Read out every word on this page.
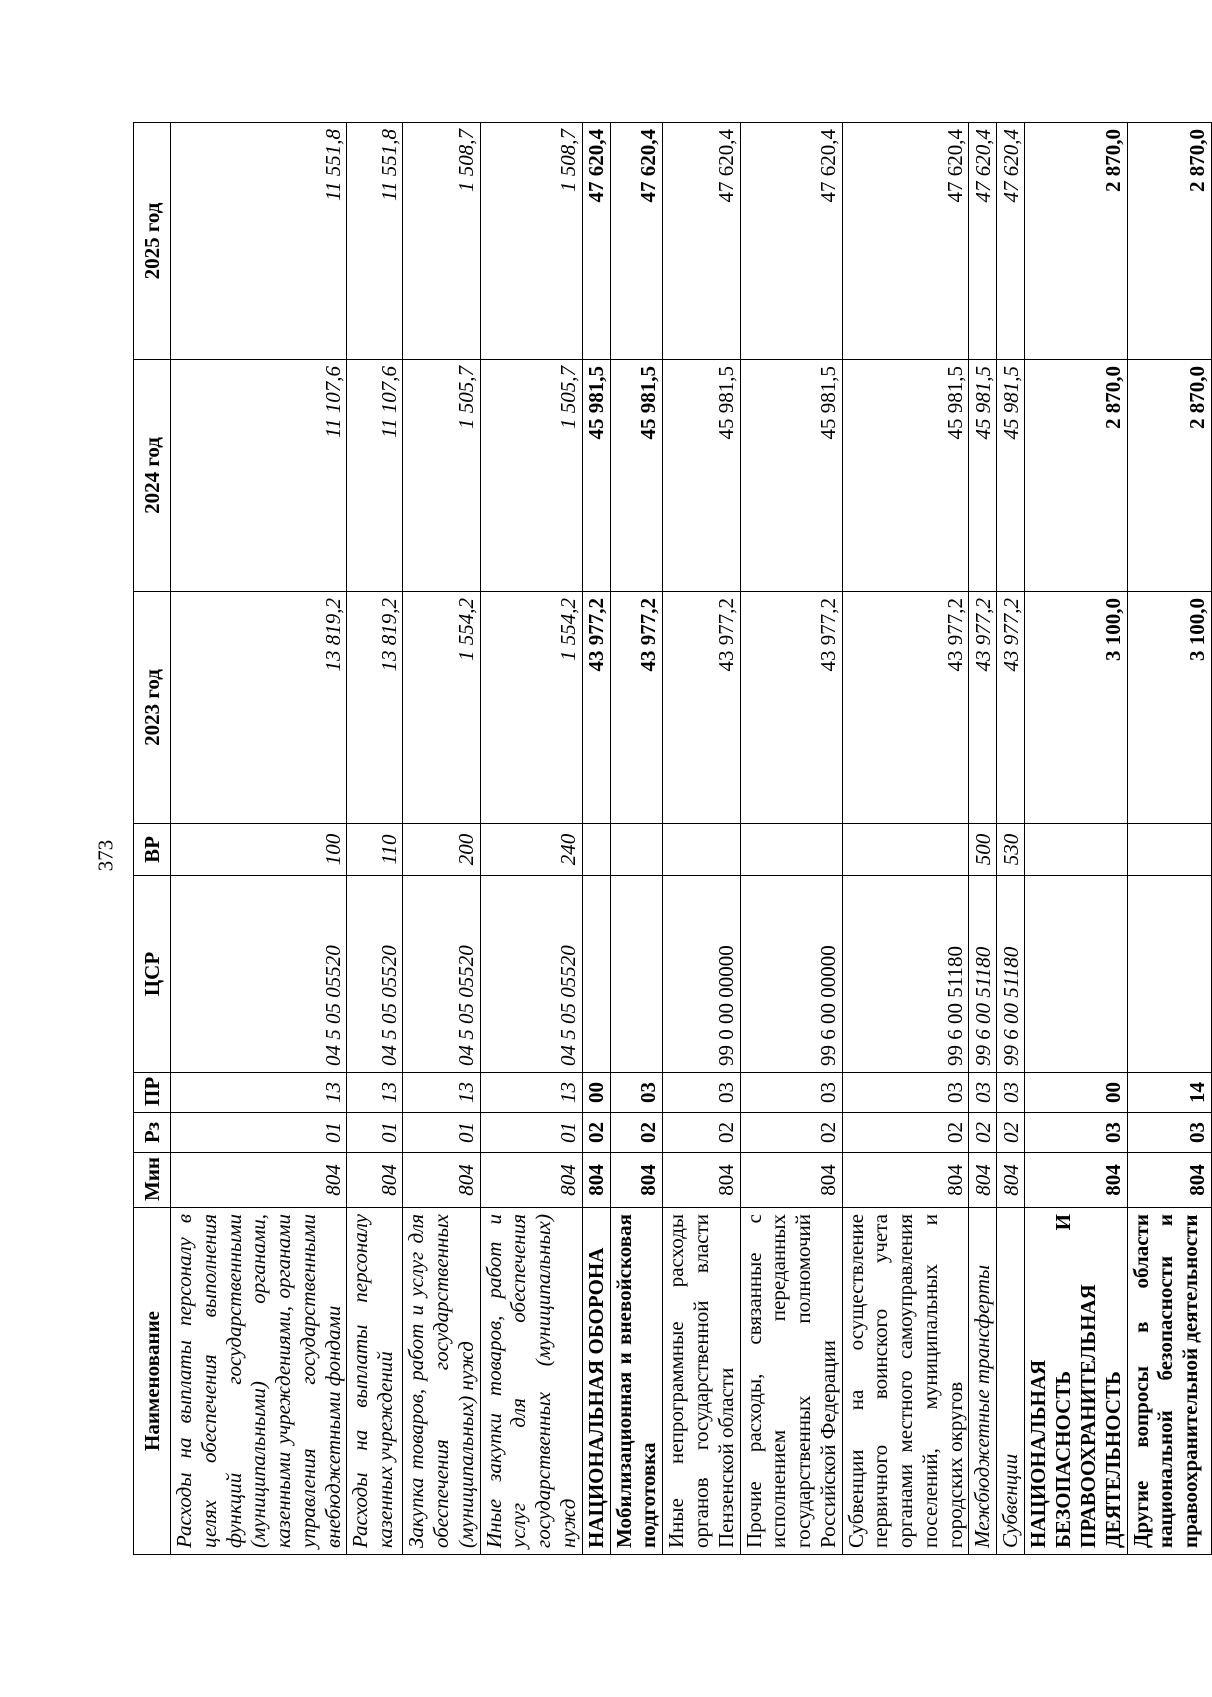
373
Наименование	Мин	Рз	ПР	ЦСР	ВР	2023 год	2024 год	2025 год
Расходы на выплаты персоналу в целях обеспечения выполнения функций государственными (муниципальными) органами, казенными учреждениями, органами управления государственными внебюджетными фондами	804	01	13	04 5 05 05520	100	13 819,2	11 107,6	11 551,8
Расходы на выплаты персоналу казенных учреждений	804	01	13	04 5 05 05520	110	13 819,2	11 107,6	11 551,8
Закупка товаров, работ и услуг для обеспечения государственных (муниципальных) нужд	804	01	13	04 5 05 05520	200	1 554,2	1 505,7	1 508,7
Иные закупки товаров, работ и услуг для обеспечения государственных (муниципальных) нужд	804	01	13	04 5 05 05520	240	1 554,2	1 505,7	1 508,7
НАЦИОНАЛЬНАЯ ОБОРОНА	804	02	00			43 977,2	45 981,5	47 620,4
Мобилизационная и вневойсковая подготовка	804	02	03			43 977,2	45 981,5	47 620,4
Иные непрограммные расходы органов государственной власти Пензенской области	804	02	03	99 0 00 00000		43 977,2	45 981,5	47 620,4
Прочие расходы, связанные с исполнением переданных государственных полномочий Российской Федерации	804	02	03	99 6 00 00000		43 977,2	45 981,5	47 620,4
Субвенции на осуществление первичного воинского учета органами местного самоуправления поселений, муниципальных и городских округов	804	02	03	99 6 00 51180		43 977,2	45 981,5	47 620,4
Межбюджетные трансферты	804	02	03	99 6 00 51180	500	43 977,2	45 981,5	47 620,4
Субвенции	804	02	03	99 6 00 51180	530	43 977,2	45 981,5	47 620,4
НАЦИОНАЛЬНАЯ БЕЗОПАСНОСТЬ И ПРАВООХРАНИТЕЛЬНАЯ ДЕЯТЕЛЬНОСТЬ	804	03	00			3 100,0	2 870,0	2 870,0
Другие вопросы в области национальной безопасности и правоохранительной деятельности	804	03	14			3 100,0	2 870,0	2 870,0
